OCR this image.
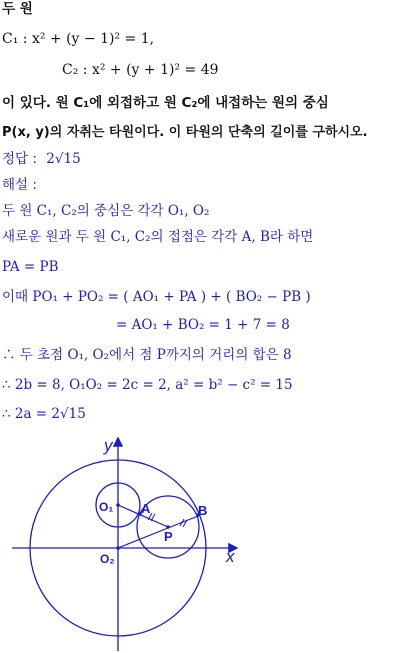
두 원
C₁ : x² + (y − 1)² = 1,
C₂ : x² + (y + 1)² = 49
이 있다. 원 C₁에 외접하고 원 C₂에 내접하는 원의 중심
P(x, y)의 자취는 타원이다. 이 타원의 단축의 길이를 구하시오.
정답 : 2√15
해설 :
두 원 C₁, C₂의 중심은 각각 O₁, O₂
새로운 원과 두 원 C₁, C₂의 접점은 각각 A, B라 하면
PA = PB
이때 PO₁ + PO₂ = ( AO₁ + PA ) + ( BO₂ − PB )
= AO₁ + BO₂ = 1 + 7 = 8
∴ 두 초점 O₁, O₂에서 점 P까지의 거리의 합은 8
∴ 2b = 8, O₁O₂ = 2c = 2, a² = b² − c² = 15
∴ 2a = 2√15
y
x
O₁
O₂
A	B
P
